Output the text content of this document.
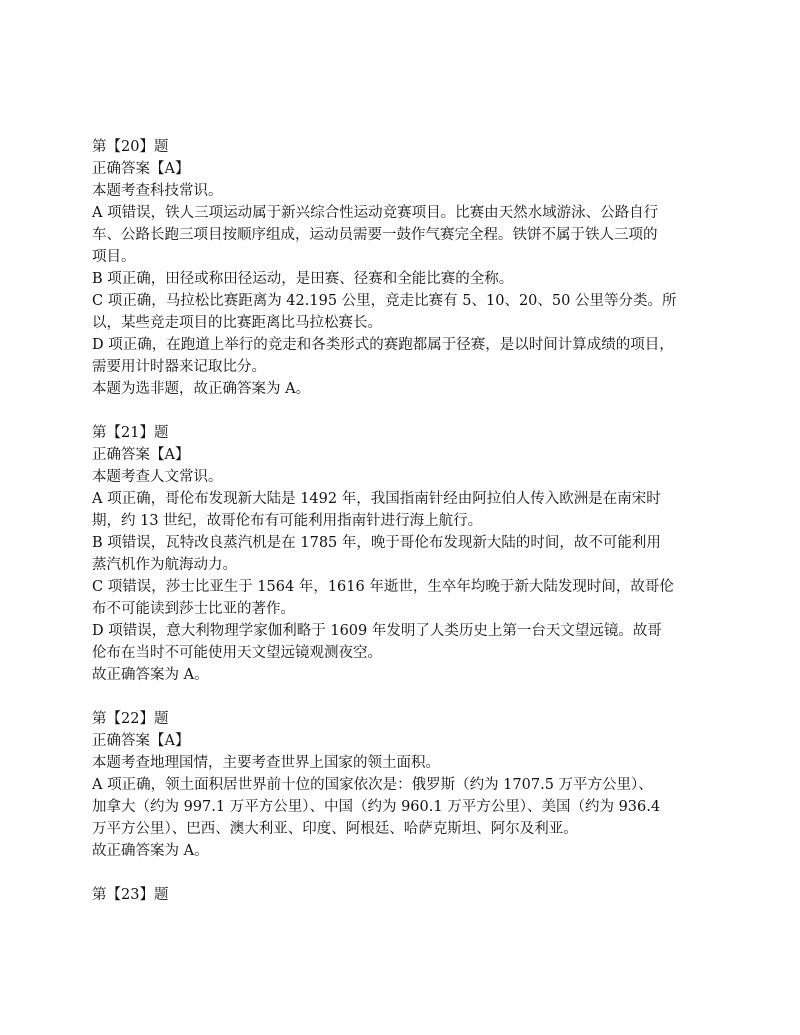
第【20】题
正确答案【A】
本题考查科技常识。
A 项错误，铁人三项运动属于新兴综合性运动竞赛项目。比赛由天然水域游泳、公路自行
车、公路长跑三项目按顺序组成，运动员需要一鼓作气赛完全程。铁饼不属于铁人三项的
项目。
B 项正确，田径或称田径运动，是田赛、径赛和全能比赛的全称。
C 项正确，马拉松比赛距离为 42.195 公里，竞走比赛有 5、10、20、50 公里等分类。所
以，某些竞走项目的比赛距离比马拉松赛长。
D 项正确，在跑道上举行的竞走和各类形式的赛跑都属于径赛，是以时间计算成绩的项目，
需要用计时器来记取比分。
本题为选非题，故正确答案为 A。
第【21】题
正确答案【A】
本题考查人文常识。
A 项正确，哥伦布发现新大陆是 1492 年，我国指南针经由阿拉伯人传入欧洲是在南宋时
期，约 13 世纪，故哥伦布有可能利用指南针进行海上航行。
B 项错误，瓦特改良蒸汽机是在 1785 年，晚于哥伦布发现新大陆的时间，故不可能利用
蒸汽机作为航海动力。
C 项错误，莎士比亚生于 1564 年，1616 年逝世，生卒年均晚于新大陆发现时间，故哥伦
布不可能读到莎士比亚的著作。
D 项错误，意大利物理学家伽利略于 1609 年发明了人类历史上第一台天文望远镜。故哥
伦布在当时不可能使用天文望远镜观测夜空。
故正确答案为 A。
第【22】题
正确答案【A】
本题考查地理国情，主要考查世界上国家的领土面积。
A 项正确，领土面积居世界前十位的国家依次是：俄罗斯（约为 1707.5 万平方公里）、
加拿大（约为 997.1 万平方公里）、中国（约为 960.1 万平方公里）、美国（约为 936.4
万平方公里）、巴西、澳大利亚、印度、阿根廷、哈萨克斯坦、阿尔及利亚。
故正确答案为 A。
第【23】题
